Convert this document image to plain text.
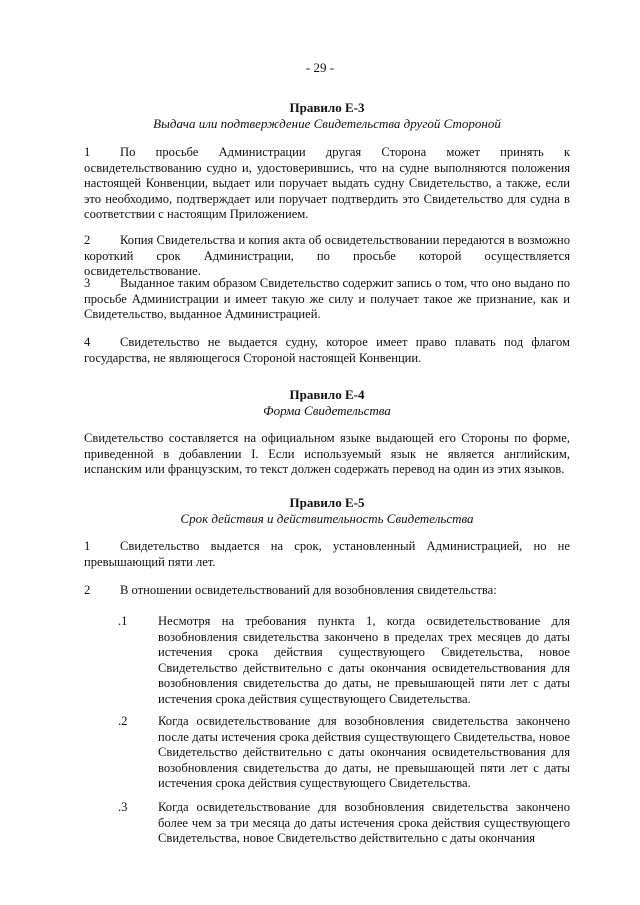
- 29 -
Правило Е-3
Выдача или подтверждение Свидетельства другой Стороной
1 По просьбе Администрации другая Сторона может принять к освидетельствованию судно и, удостоверившись, что на судне выполняются положения настоящей Конвенции, выдает или поручает выдать судну Свидетельство, а также, если это необходимо, подтверждает или поручает подтвердить это Свидетельство для судна в соответствии с настоящим Приложением.
2 Копия Свидетельства и копия акта об освидетельствовании передаются в возможно короткий срок Администрации, по просьбе которой осуществляется освидетельствование.
3 Выданное таким образом Свидетельство содержит запись о том, что оно выдано по просьбе Администрации и имеет такую же силу и получает такое же признание, как и Свидетельство, выданное Администрацией.
4 Свидетельство не выдается судну, которое имеет право плавать под флагом государства, не являющегося Стороной настоящей Конвенции.
Правило Е-4
Форма Свидетельства
Свидетельство составляется на официальном языке выдающей его Стороны по форме, приведенной в добавлении I. Если используемый язык не является английским, испанским или французским, то текст должен содержать перевод на один из этих языков.
Правило Е-5
Срок действия и действительность Свидетельства
1 Свидетельство выдается на срок, установленный Администрацией, но не превышающий пяти лет.
2 В отношении освидетельствований для возобновления свидетельства:
.1	Несмотря на требования пункта 1, когда освидетельствование для возобновления свидетельства закончено в пределах трех месяцев до даты истечения срока действия существующего Свидетельства, новое Свидетельство действительно с даты окончания освидетельствования для возобновления свидетельства до даты, не превышающей пяти лет с даты истечения срока действия существующего Свидетельства.
.2	Когда освидетельствование для возобновления свидетельства закончено после даты истечения срока действия существующего Свидетельства, новое Свидетельство действительно с даты окончания освидетельствования для возобновления свидетельства до даты, не превышающей пяти лет с даты истечения срока действия существующего Свидетельства.
.3	Когда освидетельствование для возобновления свидетельства закончено более чем за три месяца до даты истечения срока действия существующего Свидетельства, новое Свидетельство действительно с даты окончания
